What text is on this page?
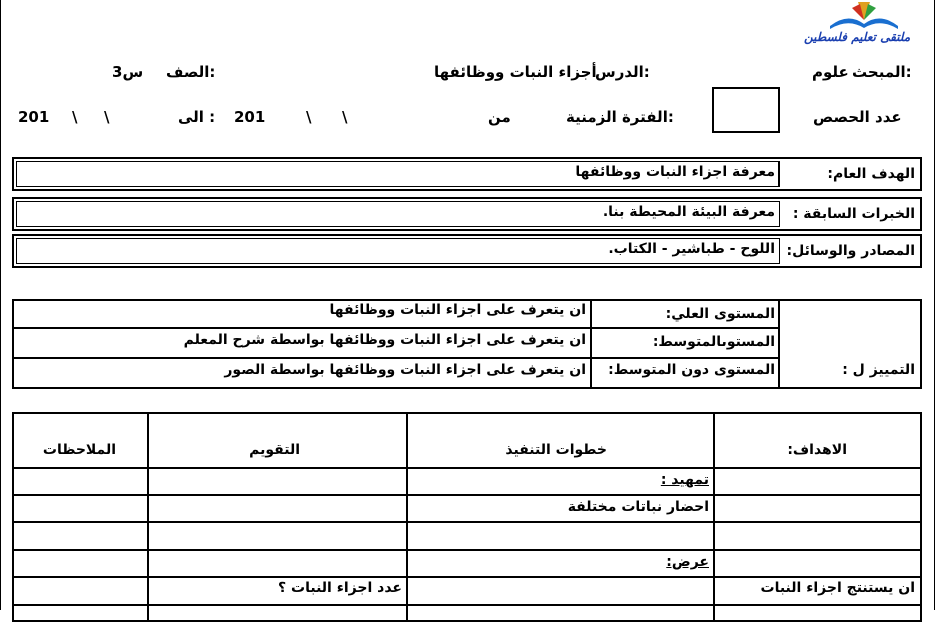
ملتقى تعليم فلسطين
المبحث:
علوم
الدرس:
أجزاء النبات ووظائفها
الصف:
3س
عدد الحصص
الفترة الزمنية:
من
\
\
201
الى :
\
\
201
الهدف العام:
معرفة اجزاء النبات ووظائفها
الخبرات السابقة :
معرفة البيئة المحيطة بنا.
المصادر والوسائل:
اللوح - طباشير - الكتاب.
التمييز ل :
المستوى العلي:
ان يتعرف على اجزاء النبات ووظائفها
المستوىالمتوسط:
ان يتعرف على اجزاء النبات ووظائفها بواسطة شرح المعلم
المستوى دون المتوسط:
ان يتعرف على اجزاء النبات ووظائفها بواسطة الصور
الاهداف:
خطوات التنفيذ
التقويم
الملاحظات
تمهيد :
احضار نباتات مختلفة
عرض:
ان يستنتج اجزاء النبات
عدد اجزاء النبات ؟
